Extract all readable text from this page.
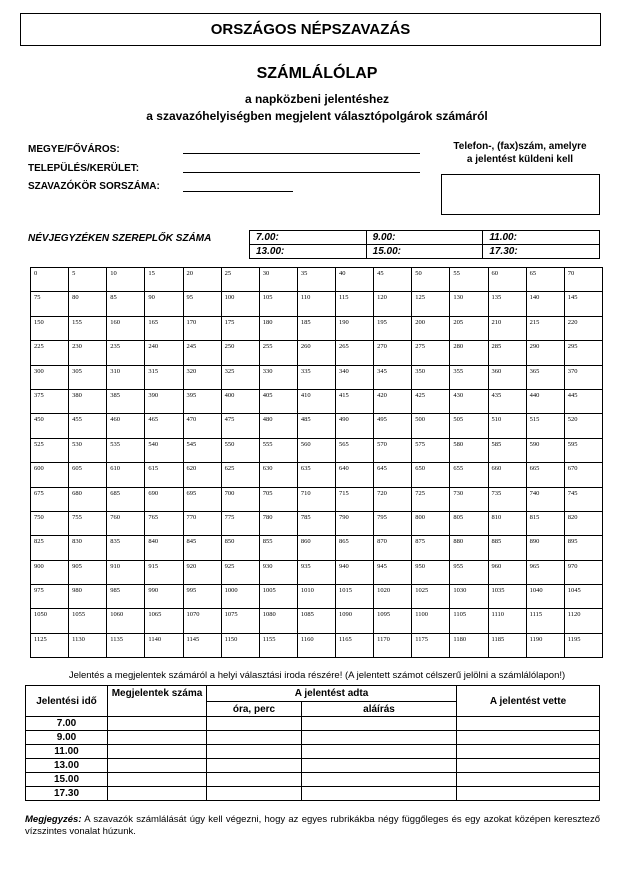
ORSZÁGOS NÉPSZAVAZÁS
SZÁMLÁLÓLAP
a napközbeni jelentéshez
a szavazóhelyiségben megjelent választópolgárok számáról
MEGYE/FŐVÁROS:
TELEPÜLÉS/KERÜLET:
SZAVAZÓKÖR SORSZÁMA:
Telefon-, (fax)szám, amelyre
a jelentést küldeni kell
NÉVJEGYZÉKEN SZEREPLŐK SZÁMA	7.00:	9.00:	11.00:
13.00:	15.00:	17.30:
0	5	10	15	20	25	30	35	40	45	50	55	60	65	70
75	80	85	90	95	100	105	110	115	120	125	130	135	140	145
150	155	160	165	170	175	180	185	190	195	200	205	210	215	220
225	230	235	240	245	250	255	260	265	270	275	280	285	290	295
300	305	310	315	320	325	330	335	340	345	350	355	360	365	370
375	380	385	390	395	400	405	410	415	420	425	430	435	440	445
450	455	460	465	470	475	480	485	490	495	500	505	510	515	520
525	530	535	540	545	550	555	560	565	570	575	580	585	590	595
600	605	610	615	620	625	630	635	640	645	650	655	660	665	670
675	680	685	690	695	700	705	710	715	720	725	730	735	740	745
750	755	760	765	770	775	780	785	790	795	800	805	810	815	820
825	830	835	840	845	850	855	860	865	870	875	880	885	890	895
900	905	910	915	920	925	930	935	940	945	950	955	960	965	970
975	980	985	990	995	1000	1005	1010	1015	1020	1025	1030	1035	1040	1045
1050	1055	1060	1065	1070	1075	1080	1085	1090	1095	1100	1105	1110	1115	1120
1125	1130	1135	1140	1145	1150	1155	1160	1165	1170	1175	1180	1185	1190	1195
Jelentés a megjelentek számáról a helyi választási iroda részére! (A jelentett számot célszerű jelölni a számlálólapon!)
Jelentési idő	Megjelentek száma	A jelentést adta		A jelentést vette
		óra, perc	aláírás	
7.00				
9.00				
11.00				
13.00				
15.00				
17.30				
Megjegyzés: A szavazók számlálását úgy kell végezni, hogy az egyes rubrikákba négy függőleges és egy azokat középen keresztező vízszintes vonalat húzunk.
